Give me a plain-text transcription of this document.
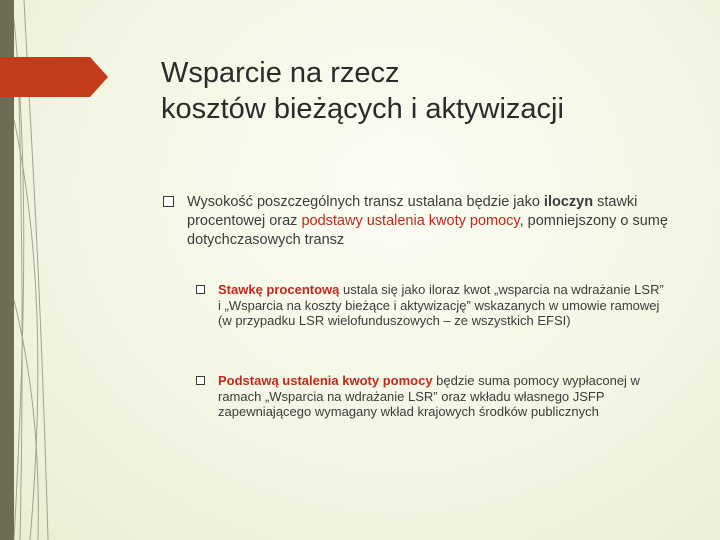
Wsparcie na rzecz
kosztów bieżących i aktywizacji
Wysokość poszczególnych transz ustalana będzie jako iloczyn stawki procentowej oraz podstawy ustalenia kwoty pomocy, pomniejszony o sumę dotychczasowych transz
Stawkę procentową ustala się jako iloraz kwot „wsparcia na wdrażanie LSR” i „Wsparcia na koszty bieżące i aktywizację” wskazanych w umowie ramowej (w przypadku LSR wielofunduszowych – ze wszystkich EFSI)
Podstawą ustalenia kwoty pomocy będzie suma pomocy wypłaconej w ramach „Wsparcia na wdrażanie LSR” oraz wkładu własnego JSFP zapewniającego wymagany wkład krajowych środków publicznych
